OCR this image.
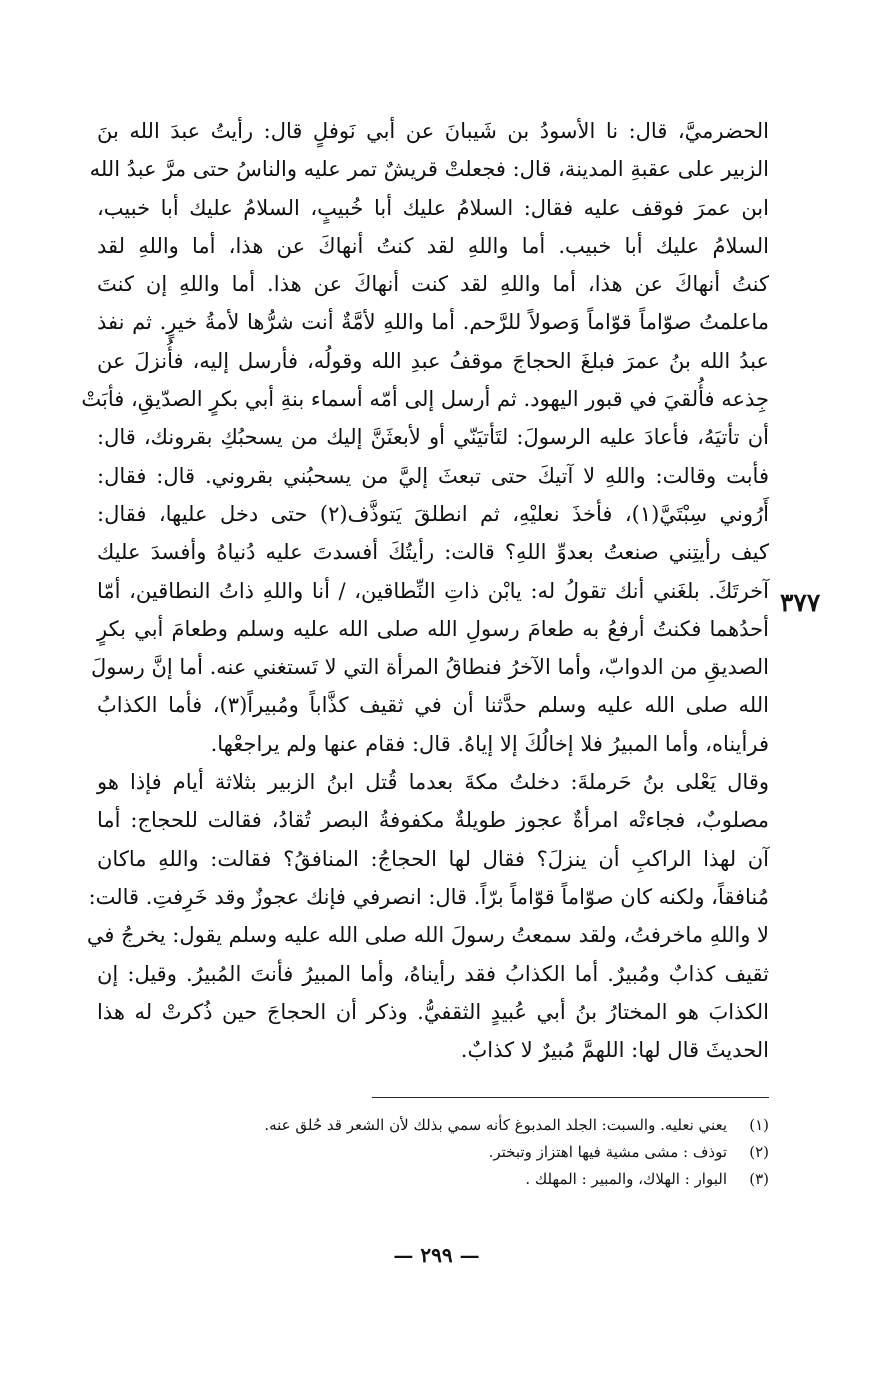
الحضرميَّ، قال: نا الأسودُ بن شَيبانَ عن أبي نَوفلٍ قال: رأيتُ عبدَ الله بنَ
الزبير على عقبةِ المدينة، قال: فجعلتْ قريشٌ تمر عليه والناسُ حتى مرَّ عبدُ الله
ابن عمرَ فوقف عليه فقال: السلامُ عليك أبا خُبيبٍ، السلامُ عليك أبا خبيب،
السلامُ عليك أبا خبيب. أما واللهِ لقد كنتُ أنهاكَ عن هذا، أما واللهِ لقد
كنتُ أنهاكَ عن هذا، أما واللهِ لقد كنت أنهاكَ عن هذا. أما واللهِ إن كنتَ
ماعلمتُ صوّاماً قوّاماً وَصولاً للرَّحم. أما واللهِ لأمَّةٌ أنت شرُّها لأمةُ خيرٍ. ثم نفذ
عبدُ الله بنُ عمرَ فبلغَ الحجاجَ موقفُ عبدِ الله وقولُه، فأرسل إليه، فأُنزلَ عن
جِذعه فأُلقيَ في قبور اليهود. ثم أرسل إلى أمّه أسماء بنةِ أبي بكرٍ الصدّيقِ، فأبَتْ
أن تأتيَهُ، فأعادَ عليه الرسولَ: لتَأتيَنّي أو لأبعثَنَّ إليك من يسحبُكِ بقرونك، قال:
فأبت وقالت: واللهِ لا آتيكَ حتى تبعثَ إليَّ من يسحبُني بقروني. قال: فقال:
أَرُوني سِبْتَيَّ(١)، فأخذَ نعليْهِ، ثم انطلقَ يَتوذَّف(٢) حتى دخل عليها، فقال:
كيف رأيتِني صنعتُ بعدوِّ اللهِ؟ قالت: رأيتُكَ أفسدتَ عليه دُنياهُ وأفسدَ عليك
آخرتَكَ. بلغَني أنك تقولُ له: يابْن ذاتِ النِّطاقين، / أنا واللهِ ذاتُ النطاقين، أمّا
أحدُهما فكنتُ أرفعُ به طعامَ رسولِ الله صلى الله عليه وسلم وطعامَ أبي بكرٍ
الصديقِ من الدوابّ، وأما الآخرُ فنطاقُ المرأة التي لا تَستغني عنه. أما إنَّ رسولَ
الله صلى الله عليه وسلم حدَّثنا أن في ثقيف كذَّاباً ومُبيراً(٣)، فأما الكذابُ
فرأيناه، وأما المبيرُ فلا إخالُكَ إلا إياهُ. قال: فقام عنها ولم يراجعْها.
وقال يَعْلى بنُ حَرملةَ: دخلتُ مكةَ بعدما قُتل ابنُ الزبير بثلاثة أيام فإذا هو
مصلوبٌ، فجاءتْه امرأةٌ عجوز طويلةٌ مكفوفةُ البصر تُقادُ، فقالت للحجاج: أما
آن لهذا الراكبِ أن ينزلَ؟ فقال لها الحجاجُ: المنافقُ؟ فقالت: واللهِ ماكان
مُنافقاً، ولكنه كان صوّاماً قوّاماً برّاً. قال: انصرفي فإنك عجوزٌ وقد خَرِفتِ. قالت:
لا واللهِ ماخرفتُ، ولقد سمعتُ رسولَ الله صلى الله عليه وسلم يقول: يخرجُ في
ثقيف كذابٌ ومُبيرٌ. أما الكذابُ فقد رأيناهُ، وأما المبيرُ فأنتَ المُبيرُ. وقيل: إن
الكذابَ هو المختارُ بنُ أبي عُبيدٍ الثقفيُّ. وذكر أن الحجاجَ حين ذُكرتْ له هذا
الحديثَ قال لها: اللهمَّ مُبيرٌ لا كذابٌ.
٣٧٧
(١)
يعني نعليه. والسبت: الجلد المدبوغ كأنه سمي بذلك لأن الشعر قد حُلق عنه.
(٢)
توذف : مشى مشية فيها اهتزاز وتبختر.
(٣)
البوار : الهلاك، والمبير : المهلك .
— ٢٩٩ —
